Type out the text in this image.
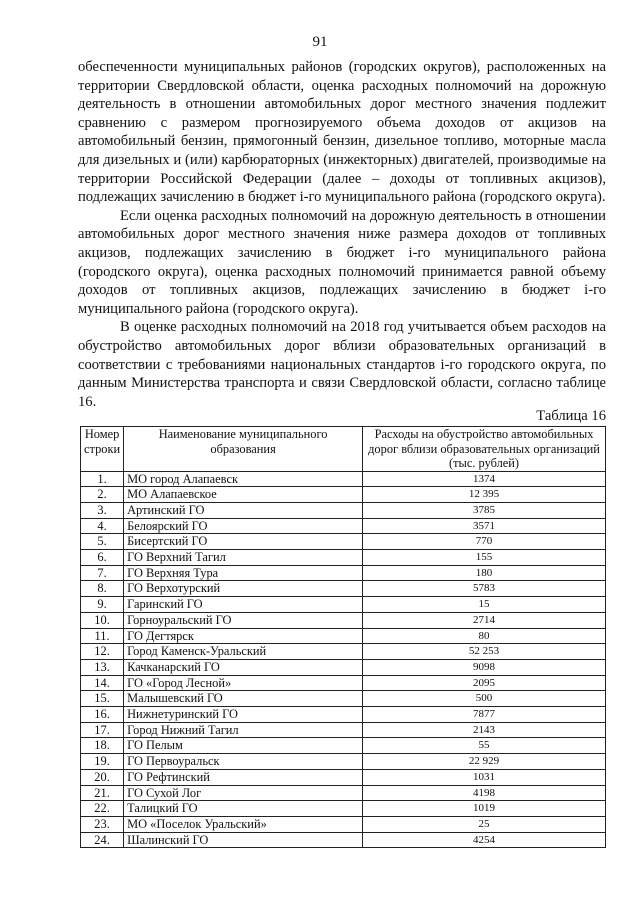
91

обеспеченности муниципальных районов (городских округов), расположенных на территории Свердловской области, оценка расходных полномочий на дорожную деятельность в отношении автомобильных дорог местного значения подлежит сравнению с размером прогнозируемого объема доходов от акцизов на автомобильный бензин, прямогонный бензин, дизельное топливо, моторные масла для дизельных и (или) карбюраторных (инжекторных) двигателей, производимые на территории Российской Федерации (далее – доходы от топливных акцизов), подлежащих зачислению в бюджет i-го муниципального района (городского округа).

Если оценка расходных полномочий на дорожную деятельность в отношении автомобильных дорог местного значения ниже размера доходов от топливных акцизов, подлежащих зачислению в бюджет i-го муниципального района (городского округа), оценка расходных полномочий принимается равной объему доходов от топливных акцизов, подлежащих зачислению в бюджет i-го муниципального района (городского округа).

В оценке расходных полномочий на 2018 год учитывается объем расходов на обустройство автомобильных дорог вблизи образовательных организаций в соответствии с требованиями национальных стандартов i-го городского округа, по данным Министерства транспорта и связи Свердловской области, согласно таблице 16.

Таблица 16
Номер строки	Наименование муниципального образования	Расходы на обустройство автомобильных дорог вблизи образовательных организаций (тыс. рублей)
1.	МО город Алапаевск	1374
2.	МО Алапаевское	12 395
3.	Артинский ГО	3785
4.	Белоярский ГО	3571
5.	Бисертский ГО	770
6.	ГО Верхний Тагил	155
7.	ГО Верхняя Тура	180
8.	ГО Верхотурский	5783
9.	Гаринский ГО	15
10.	Горноуральский ГО	2714
11.	ГО Дегтярск	80
12.	Город Каменск-Уральский	52 253
13.	Качканарский ГО	9098
14.	ГО «Город Лесной»	2095
15.	Малышевский ГО	500
16.	Нижнетуринский ГО	7877
17.	Город Нижний Тагил	2143
18.	ГО Пелым	55
19.	ГО Первоуральск	22 929
20.	ГО Рефтинский	1031
21.	ГО Сухой Лог	4198
22.	Талицкий ГО	1019
23.	МО «Поселок Уральский»	25
24.	Шалинский ГО	4254
